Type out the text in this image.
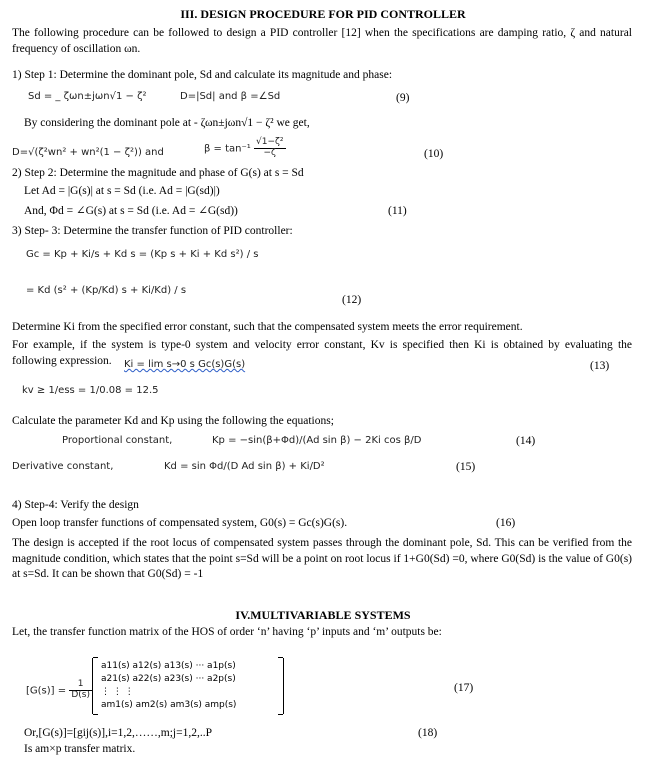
III. DESIGN PROCEDURE FOR PID CONTROLLER
The following procedure can be followed to design a PID controller [12] when the specifications are damping ratio, ζ and natural frequency of oscillation ωn.
1) Step 1: Determine the dominant pole, Sd and calculate its magnitude and phase:
Sd = _ ζωn±jωn√1 − ζ²	D=|Sd| and β =∠Sd	(9)
By considering the dominant pole at - ζωn±jωn√1 − ζ² we get,
D=√(ζ²wn² + wn²(1 − ζ²)) and	$\beta = \tan^{-1} \frac{\text{√1−ζ²}}{-\zeta}$	(10)
2) Step 2: Determine the magnitude and phase of G(s) at s = Sd
Let Ad = |G(s)| at s = Sd (i.e. Ad = |G(sd)|)
And, Φd = ∠G(s) at s = Sd (i.e. Ad = ∠G(sd))	(11)
3) Step- 3: Determine the transfer function of PID controller:
Gc = Kp + Ki/s + Kd s = (Kp s + Ki + Kd s²) / s
= Kd (s² + (Kp/Kd) s + Ki/Kd) / s
(12)
Determine Ki from the specified error constant, such that the compensated system meets the error requirement.
For example, if the system is type-0 system and velocity error constant, Kv is specified then Ki is obtained by evaluating the following expression.	Ki = lim s→0 s Gc(s)G(s)	(13)
kv ≥ 1/ess = 1/0.08 = 12.5
Calculate the parameter Kd and Kp using the following the equations;
Proportional constant,	Kp = −sin(β+Φd)/(Ad sin β) − 2Ki cos β/D	(14)
Derivative constant,	Kd = sin Φd/(D Ad sin β) + Ki/D²	(15)
4) Step-4: Verify the design
Open loop transfer functions of compensated system, G0(s) = Gc(s)G(s).	(16)
The design is accepted if the root locus of compensated system passes through the dominant pole, Sd. This can be verified from the magnitude condition, which states that the point s=Sd will be a point on root locus if 1+G0(Sd) =0, where G0(Sd) is the value of G0(s) at s=Sd. It can be shown that G0(Sd) = -1
IV.MULTIVARIABLE SYSTEMS
Let, the transfer function matrix of the HOS of order ‘n’ having ‘p’ inputs and ‘m’ outputs be:
$[G(s)] = \frac{1}{D(s)}$
a11(s) a12(s) a13(s) ··· a1p(s)
a21(s) a22(s) a23(s) ··· a2p(s)
⋮ ⋮ ⋮
am1(s) am2(s) am3(s) amp(s)
(17)
Or,[G(s)]=[gij(s)],i=1,2,……,m;j=1,2,..P	(18)
Is am×p transfer matrix.
